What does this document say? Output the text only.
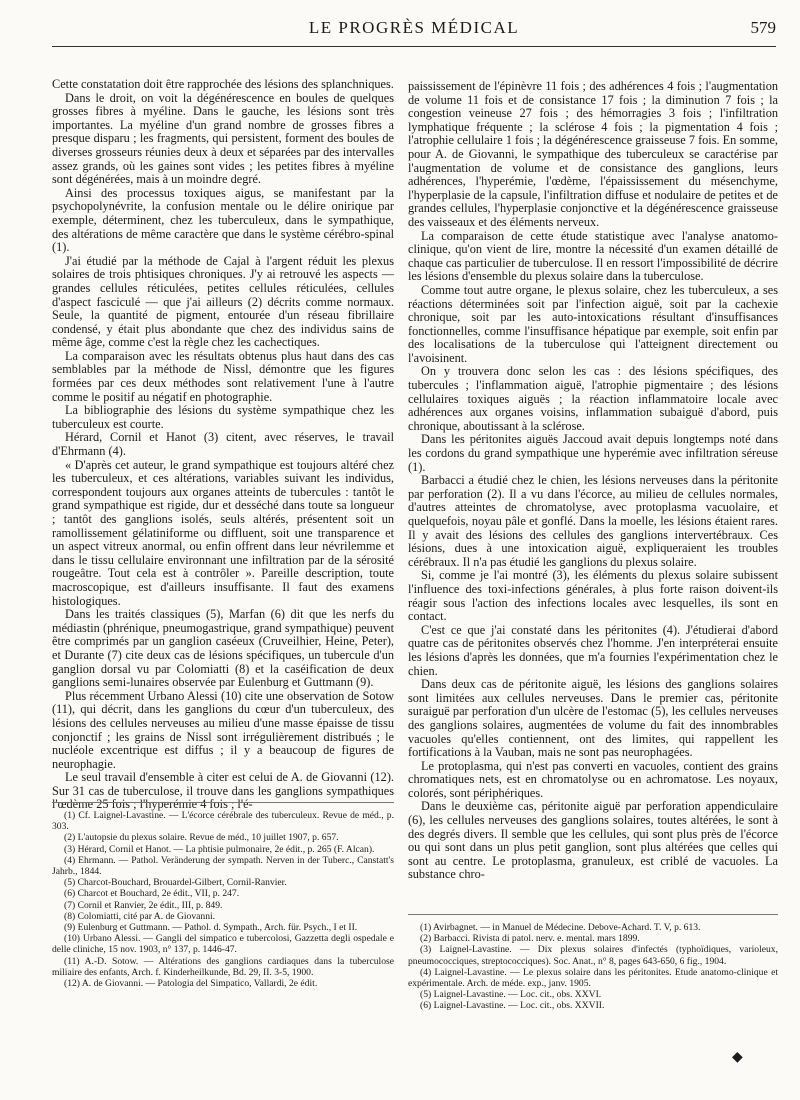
LE PROGRÈS MÉDICAL	579

Cette constatation doit être rapprochée des lésions des splanchniques.

Dans le droit, on voit la dégénérescence en boules de quelques grosses fibres à myéline. Dans le gauche, les lésions sont très importantes. La myéline d'un grand nombre de grosses fibres a presque disparu ; les fragments, qui persistent, forment des boules de diverses grosseurs réunies deux à deux et séparées par des intervalles assez grands, où les gaines sont vides ; les petites fibres à myéline sont dégénérées, mais à un moindre degré.

Ainsi des processus toxiques aigus, se manifestant par la psychopolynévrite, la confusion mentale ou le délire onirique par exemple, déterminent, chez les tuberculeux, dans le sympathique, des altérations de même caractère que dans le système cérébro-spinal (1).

J'ai étudié par la méthode de Cajal à l'argent réduit les plexus solaires de trois phtisiques chroniques. J'y ai retrouvé les aspects — grandes cellules réticulées, petites cellules réticulées, cellules d'aspect fasciculé — que j'ai ailleurs (2) décrits comme normaux. Seule, la quantité de pigment, entourée d'un réseau fibrillaire condensé, y était plus abondante que chez des individus sains de même âge, comme c'est la règle chez les cachectiques.

La comparaison avec les résultats obtenus plus haut dans des cas semblables par la méthode de Nissl, démontre que les figures formées par ces deux méthodes sont relativement l'une à l'autre comme le positif au négatif en photographie.

La bibliographie des lésions du système sympathique chez les tuberculeux est courte.

Hérard, Cornil et Hanot (3) citent, avec réserves, le travail d'Ehrmann (4).

« D'après cet auteur, le grand sympathique est toujours altéré chez les tuberculeux, et ces altérations, variables suivant les individus, correspondent toujours aux organes atteints de tubercules : tantôt le grand sympathique est rigide, dur et desséché dans toute sa longueur ; tantôt des ganglions isolés, seuls altérés, présentent soit un ramollissement gélatiniforme ou diffluent, soit une transparence et un aspect vitreux anormal, ou enfin offrent dans leur névrilemme et dans le tissu cellulaire environnant une infiltration par de la sérosité rougeâtre. Tout cela est à contrôler ». Pareille description, toute macroscopique, est d'ailleurs insuffisante. Il faut des examens histologiques.

Dans les traités classiques (5), Marfan (6) dit que les nerfs du médiastin (phrénique, pneumogastrique, grand sympathique) peuvent être comprimés par un ganglion caséeux (Cruveilhier, Heine, Peter), et Durante (7) cite deux cas de lésions spécifiques, un tubercule d'un ganglion dorsal vu par Colomiatti (8) et la caséification de deux ganglions semi-lunaires observée par Eulenburg et Guttmann (9).

Plus récemment Urbano Alessi (10) cite une observation de Sotow (11), qui décrit, dans les ganglions du cœur d'un tuberculeux, des lésions des cellules nerveuses au milieu d'une masse épaisse de tissu conjonctif ; les grains de Nissl sont irrégulièrement distribués ; le nucléole excentrique est diffus ; il y a beaucoup de figures de neurophagie.

Le seul travail d'ensemble à citer est celui de A. de Giovanni (12). Sur 31 cas de tuberculose, il trouve dans les ganglions sympathiques l'œdème 25 fois ; l'hyperémie 4 fois ; l'é-

(1) Cf. Laignel-Lavastine. — L'écorce cérébrale des tuberculeux. Revue de méd., p. 303.

(2) L'autopsie du plexus solaire. Revue de méd., 10 juillet 1907, p. 657.

(3) Hérard, Cornil et Hanot. — La phtisie pulmonaire, 2e édit., p. 265 (F. Alcan).

(4) Ehrmann. — Pathol. Veränderung der sympath. Nerven in der Tuberc., Canstatt's Jahrb., 1844.

(5) Charcot-Bouchard, Brouardel-Gilbert, Cornil-Ranvier.

(6) Charcot et Bouchard, 2e édit., VII, p. 247.

(7) Cornil et Ranvier, 2e édit., III, p. 849.

(8) Colomiatti, cité par A. de Giovanni.

(9) Eulenburg et Guttmann. — Pathol. d. Sympath., Arch. für. Psych., I et II.

(10) Urbano Alessi. — Gangli del simpatico e tubercolosi, Gazzetta degli ospedale e delle cliniche, 15 nov. 1903, n° 137, p. 1446-47.

(11) A.-D. Sotow. — Altérations des ganglions cardiaques dans la tuberculose miliaire des enfants, Arch. f. Kinderheilkunde, Bd. 29, II. 3-5, 1900.

(12) A. de Giovanni. — Patologia del Simpatico, Vallardi, 2e édit.

paississement de l'épinèvre 11 fois ; des adhérences 4 fois ; l'augmentation de volume 11 fois et de consistance 17 fois ; la diminution 7 fois ; la congestion veineuse 27 fois ; des hémorragies 3 fois ; l'infiltration lymphatique fréquente ; la sclérose 4 fois ; la pigmentation 4 fois ; l'atrophie cellulaire 1 fois ; la dégénérescence graisseuse 7 fois. En somme, pour A. de Giovanni, le sympathique des tuberculeux se caractérise par l'augmentation de volume et de consistance des ganglions, leurs adhérences, l'hyperémie, l'œdème, l'épaississement du mésenchyme, l'hyperplasie de la capsule, l'infiltration diffuse et nodulaire de petites et de grandes cellules, l'hyperplasie conjonctive et la dégénérescence graisseuse des vaisseaux et des éléments nerveux.

La comparaison de cette étude statistique avec l'analyse anatomo-clinique, qu'on vient de lire, montre la nécessité d'un examen détaillé de chaque cas particulier de tuberculose. Il en ressort l'impossibilité de décrire les lésions d'ensemble du plexus solaire dans la tuberculose.

Comme tout autre organe, le plexus solaire, chez les tuberculeux, a ses réactions déterminées soit par l'infection aiguë, soit par la cachexie chronique, soit par les auto-intoxications résultant d'insuffisances fonctionnelles, comme l'insuffisance hépatique par exemple, soit enfin par des localisations de la tuberculose qui l'atteignent directement ou l'avoisinent.

On y trouvera donc selon les cas : des lésions spécifiques, des tubercules ; l'inflammation aiguë, l'atrophie pigmentaire ; des lésions cellulaires toxiques aiguës ; la réaction inflammatoire locale avec adhérences aux organes voisins, inflammation subaiguë d'abord, puis chronique, aboutissant à la sclérose.

Dans les péritonites aiguës Jaccoud avait depuis longtemps noté dans les cordons du grand sympathique une hyperémie avec infiltration séreuse (1).

Barbacci a étudié chez le chien, les lésions nerveuses dans la péritonite par perforation (2). Il a vu dans l'écorce, au milieu de cellules normales, d'autres atteintes de chromatolyse, avec protoplasma vacuolaire, et quelquefois, noyau pâle et gonflé. Dans la moelle, les lésions étaient rares. Il y avait des lésions des cellules des ganglions intervertébraux. Ces lésions, dues à une intoxication aiguë, expliqueraient les troubles cérébraux. Il n'a pas étudié les ganglions du plexus solaire.

Si, comme je l'ai montré (3), les éléments du plexus solaire subissent l'influence des toxi-infections générales, à plus forte raison doivent-ils réagir sous l'action des infections locales avec lesquelles, ils sont en contact.

C'est ce que j'ai constaté dans les péritonites (4). J'étudierai d'abord quatre cas de péritonites observés chez l'homme. J'en interpréterai ensuite les lésions d'après les données, que m'a fournies l'expérimentation chez le chien.

Dans deux cas de péritonite aiguë, les lésions des ganglions solaires sont limitées aux cellules nerveuses. Dans le premier cas, péritonite suraiguë par perforation d'un ulcère de l'estomac (5), les cellules nerveuses des ganglions solaires, augmentées de volume du fait des innombrables vacuoles qu'elles contiennent, ont des limites, qui rappellent les fortifications à la Vauban, mais ne sont pas neurophagées.

Le protoplasma, qui n'est pas converti en vacuoles, contient des grains chromatiques nets, est en chromatolyse ou en achromatose. Les noyaux, colorés, sont périphériques.

Dans le deuxième cas, péritonite aiguë par perforation appendiculaire (6), les cellules nerveuses des ganglions solaires, toutes altérées, le sont à des degrés divers. Il semble que les cellules, qui sont plus près de l'écorce ou qui sont dans un plus petit ganglion, sont plus altérées que celles qui sont au centre. Le protoplasma, granuleux, est criblé de vacuoles. La substance chro-

(1) Avirbagnet. — in Manuel de Médecine. Debove-Achard. T. V, p. 613.

(2) Barbacci. Rivista di patol. nerv. e. mental. mars 1899.

(3) Laignel-Lavastine. — Dix plexus solaires d'infectés (typhoïdiques, varioleux, pneumococciques, streptococciques). Soc. Anat., n° 8, pages 643-650, 6 fig., 1904.

(4) Laignel-Lavastine. — Le plexus solaire dans les péritonites. Etude anatomo-clinique et expérimentale. Arch. de méde. exp., janv. 1905.

(5) Laignel-Lavastine. — Loc. cit., obs. XXVI.

(6) Laignel-Lavastine. — Loc. cit., obs. XXVII.

◆
